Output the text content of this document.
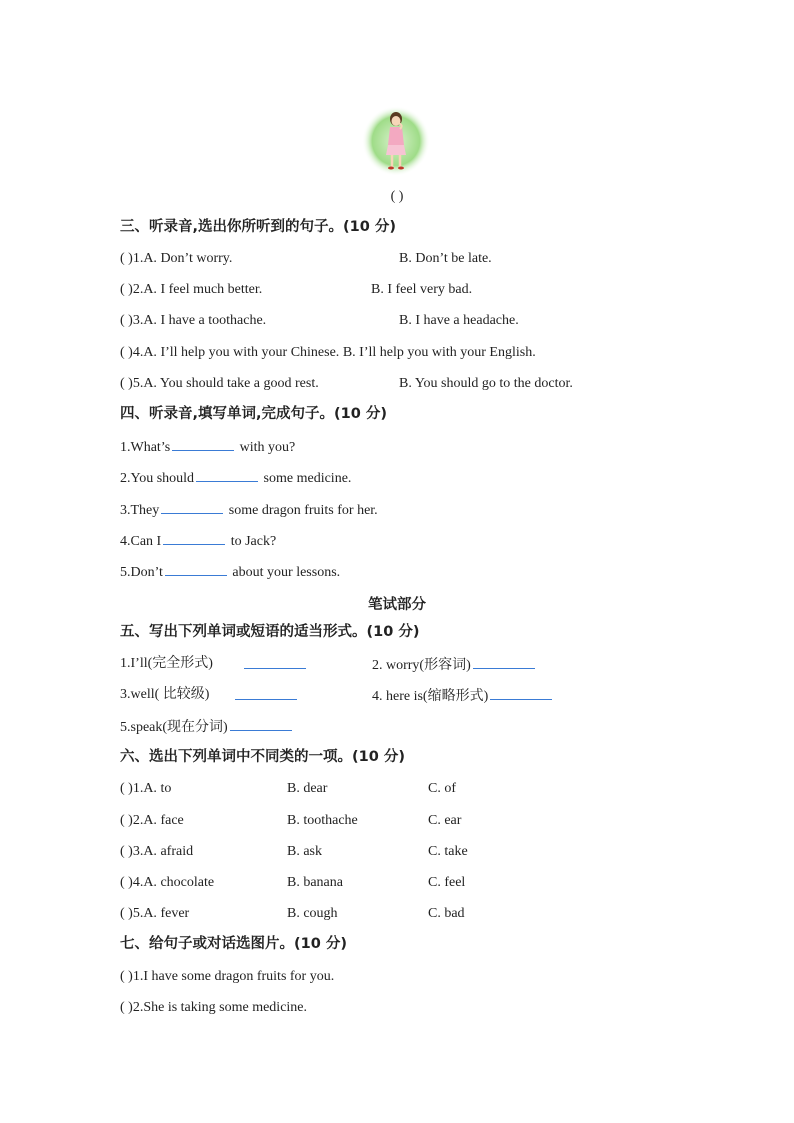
( )
三、听录音,选出你所听到的句子。(10 分)
( )1.A. Don’t worry.	B. Don’t be late.
( )2.A. I feel much better.	B. I feel very bad.
( )3.A. I have a toothache.	B. I have a headache.
( )4.A. I’ll help you with your Chinese. B. I’ll help you with your English.
( )5.A. You should take a good rest.	B. You should go to the doctor.
四、听录音,填写单词,完成句子。(10 分)
1.What’s	with you?
2.You should	some medicine.
3.They	some dragon fruits for her.
4.Can I	to Jack?
5.Don’t	about your lessons.
笔试部分
五、写出下列单词或短语的适当形式。(10 分)
1.I’ll(完全形式)	2. worry(形容词)
3.well( 比较级)	4. here is(缩略形式)
5.speak(现在分词)
六、选出下列单词中不同类的一项。(10 分)
( )1.A. to	B. dear	C. of
( )2.A. face	B. toothache	C. ear
( )3.A. afraid	B. ask	C. take
( )4.A. chocolate	B. banana	C. feel
( )5.A. fever	B. cough	C. bad
七、给句子或对话选图片。(10 分)
( )1.I have some dragon fruits for you.
( )2.She is taking some medicine.
